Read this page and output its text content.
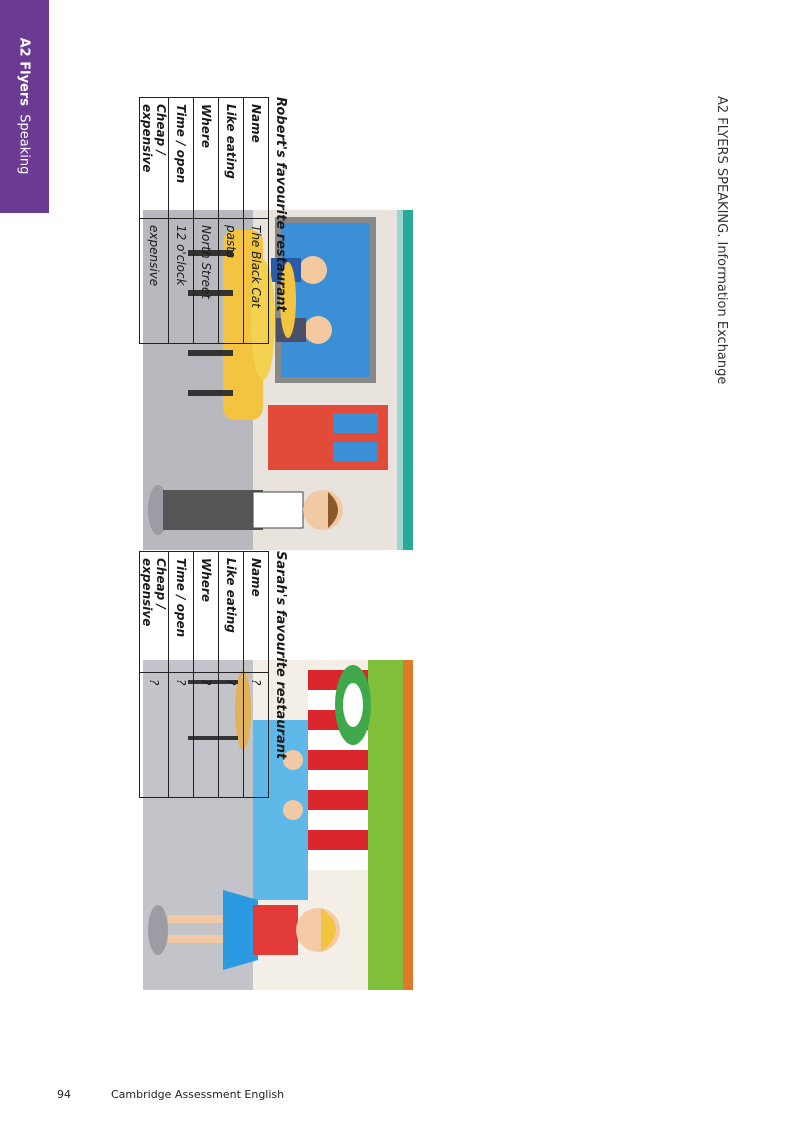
A2 Flyers  Speaking	A2 FLYERS SPEAKING. Information Exchange
Robert's favourite restaurant
Name	The Black Cat
Like eating	pasta
Where	North Street
Time / open	12 o'clock
Cheap / expensive	expensive
Sarah's favourite restaurant
Name	?
Like eating	?
Where	?
Time / open	?
Cheap / expensive	?
94	Cambridge Assessment English
